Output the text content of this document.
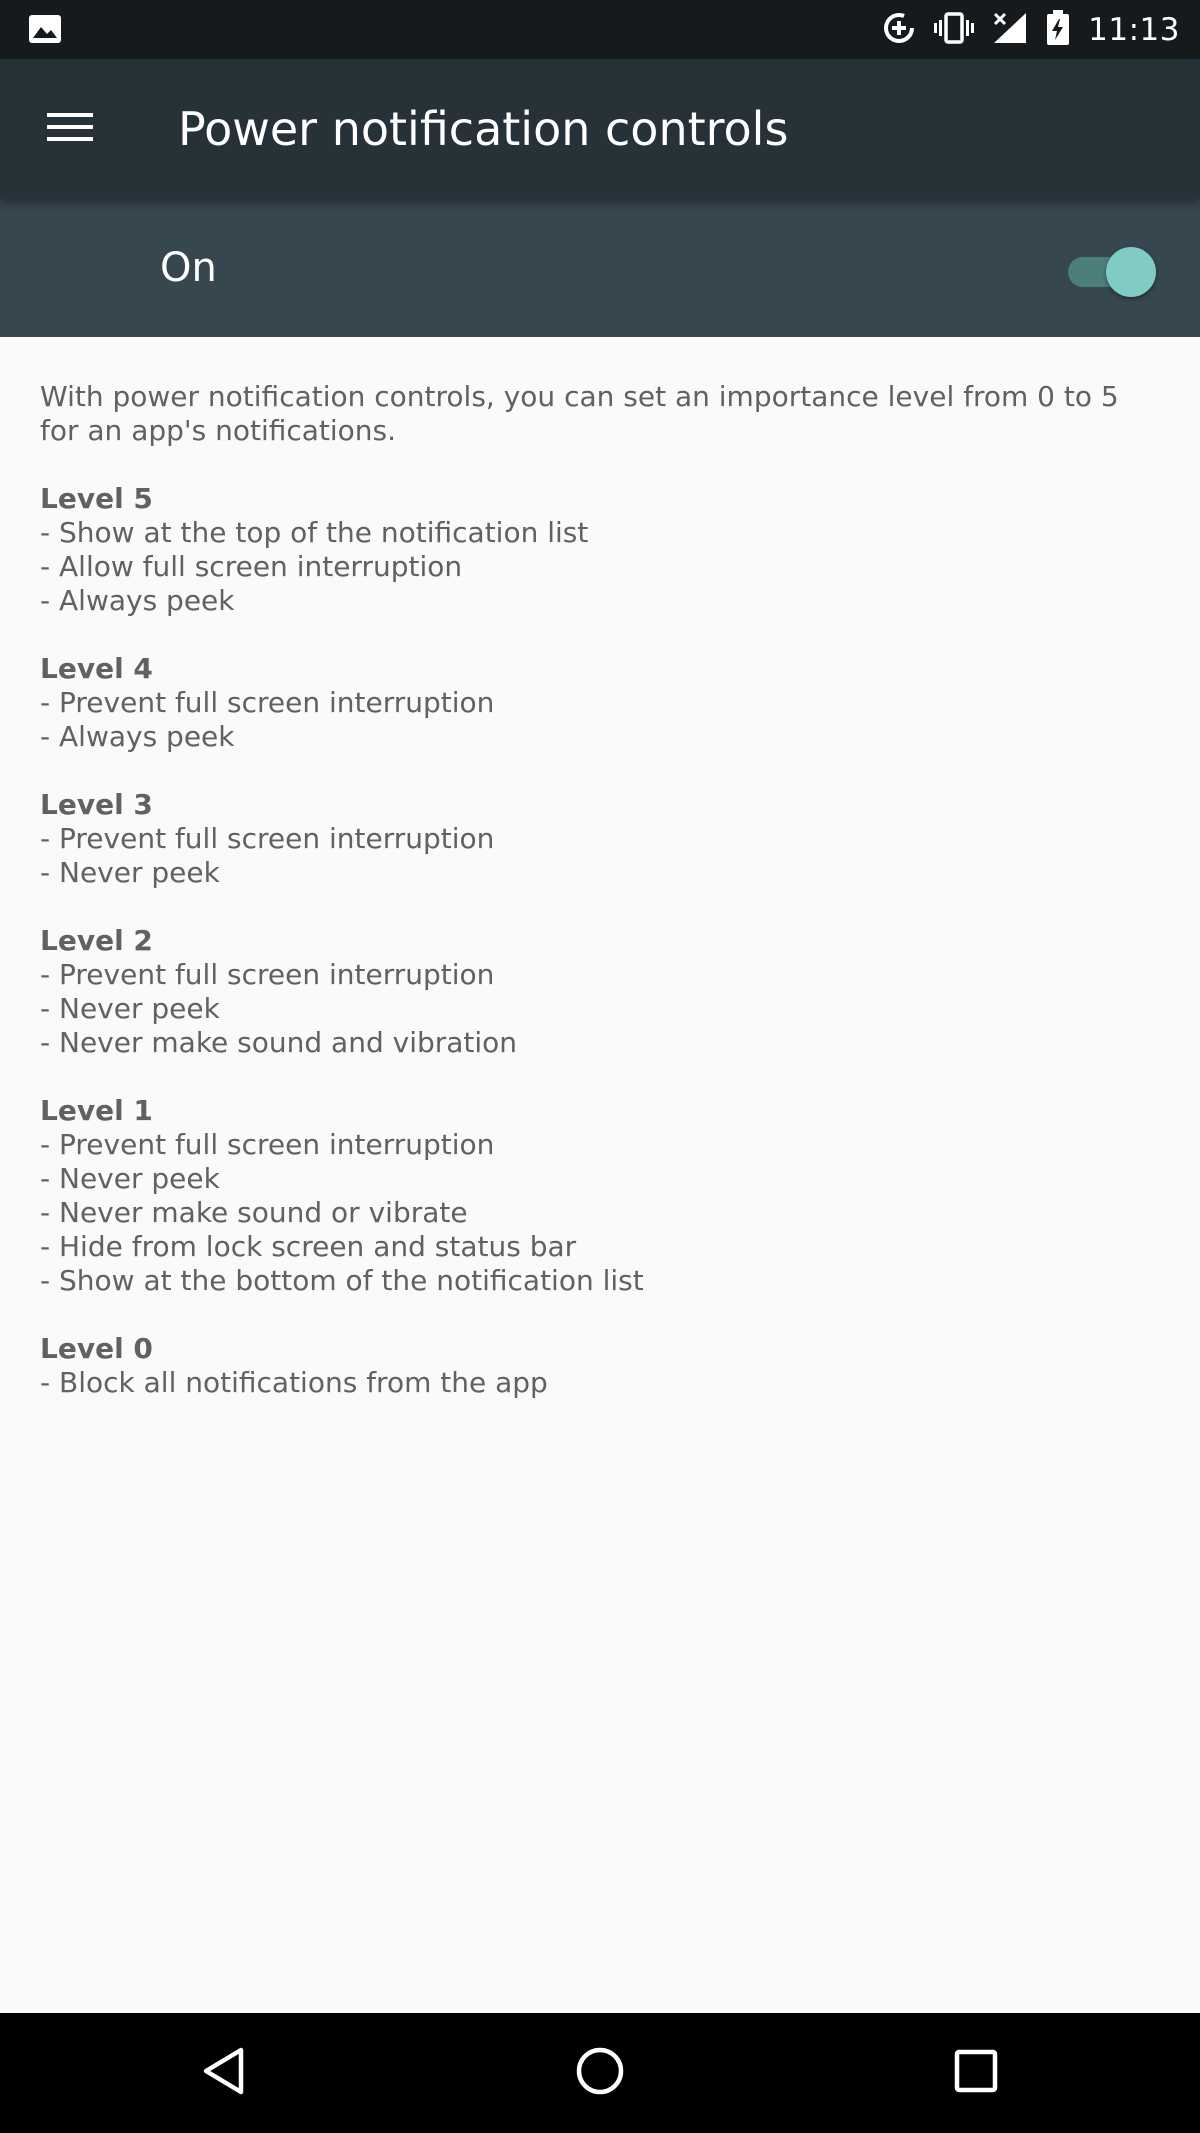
11:13
Power notification controls
On

With power notification controls, you can set an importance level from 0 to 5 for an app's notifications.

Level 5
- Show at the top of the notification list
- Allow full screen interruption
- Always peek
Level 4
- Prevent full screen interruption
- Always peek
Level 3
- Prevent full screen interruption
- Never peek
Level 2
- Prevent full screen interruption
- Never peek
- Never make sound and vibration
Level 1
- Prevent full screen interruption
- Never peek
- Never make sound or vibrate
- Hide from lock screen and status bar
- Show at the bottom of the notification list
Level 0
- Block all notifications from the app
